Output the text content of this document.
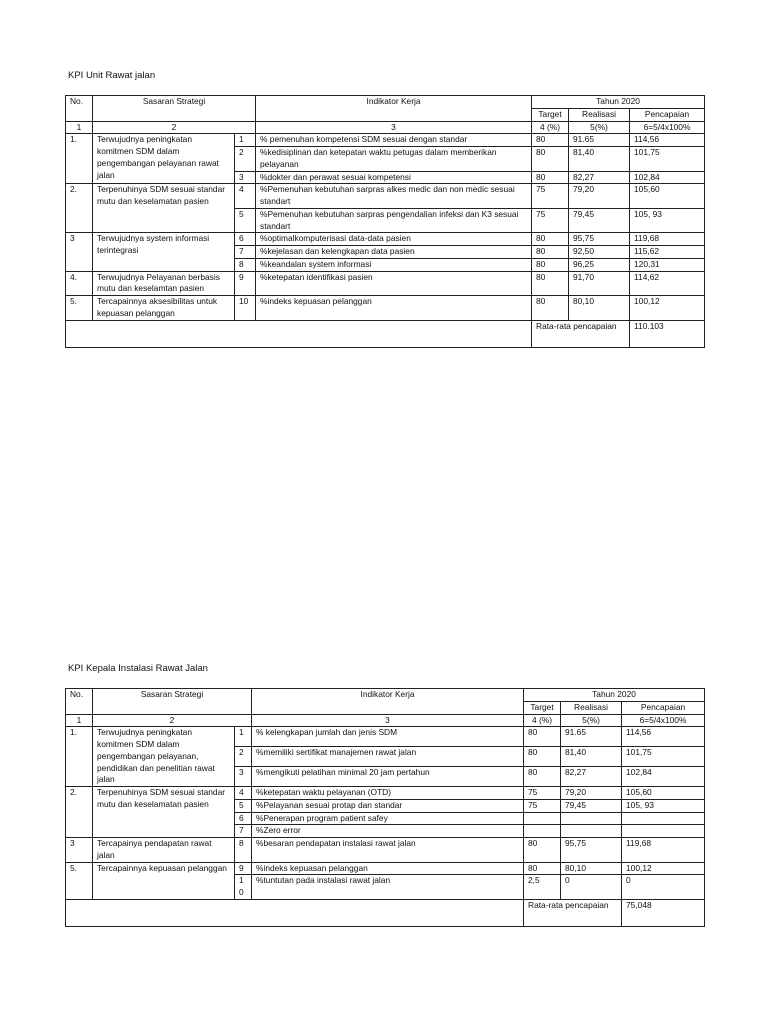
KPI Unit Rawat jalan
No.	Sasaran Strategi		Indikator Kerja	Tahun 2020		
				Target	Realisasi	Pencapaian
1	2		3	4 (%)	5(%)	6=5/4x100%
1.	Terwujudnya peningkatan komitmen SDM dalam pengembangan pelayanan rawat jalan	1	% pemenuhan kompetensi SDM sesuai dengan standar	80	91.65	114,56
		2	%kedisiplinan dan ketepatan waktu petugas dalam memberikan pelayanan	80	81,40	101,75
		3	%dokter dan perawat sesuai kompetensi	80	82,27	102,84
2.	Terpenuhinya SDM sesuai standar mutu dan keselamatan pasien	4	%Pemenuhan kebutuhan sarpras alkes medic dan non medic sesuai standart	75	79,20	105,60
		5	%Pemenuhan kebutuhan sarpras pengendalian infeksi dan K3 sesuai standart	75	79,45	105, 93
3	Terwujudnya system informasi terintegrasi	6	%optimalkomputerisasi data-data pasien	80	95,75	119,68
		7	%kejelasan dan kelengkapan data pasien	80	92,50	115,62
		8	%keandalan system informasi	80	96,25	120,31
4.	Terwujudnya Pelayanan berbasis mutu dan keselamtan pasien	9	%ketepatan identifikasi pasien	80	91,70	114,62
5.	Tercapainnya aksesibilitas untuk kepuasan pelanggan	10	%indeks kepuasan pelanggan	80	80,10	100,12
				Rata-rata pencapaian		110.103
KPI Kepala Instalasi Rawat Jalan
No.	Sasaran Strategi		Indikator Kerja	Tahun 2020		
				Target	Realisasi	Pencapaian
1	2		3	4 (%)	5(%)	6=5/4x100%
1.	Terwujudnya peningkatan komitmen SDM dalam pengembangan pelayanan, pendidikan dan penelitian rawat jalan	1	% kelengkapan jumlah dan jenis SDM	80	91.65	114,56
		2	%memiliki sertifikat manajemen rawat jalan	80	81,40	101,75
		3	%mengikuti pelatihan minimal 20 jam pertahun	80	82,27	102,84
2.	Terpenuhinya SDM sesuai standar mutu dan keselamatan pasien	4	%ketepatan waktu pelayanan (OTD)	75	79,20	105,60
		5	%Pelayanan sesuai protap dan standar	75	79,45	105, 93
		6	%Penerapan program patient safey			
		7	%Zero error			
3	Tercapainya pendapatan rawat jalan	8	%besaran pendapatan instalasi rawat jalan	80	95,75	119,68
5.	Tercapainnya kepuasan pelanggan	9	%indeks kepuasan pelanggan	80	80,10	100,12
		1 0	%tuntutan pada instalasi rawat jalan	2,5	0	0
				Rata-rata pencapaian		75,048
